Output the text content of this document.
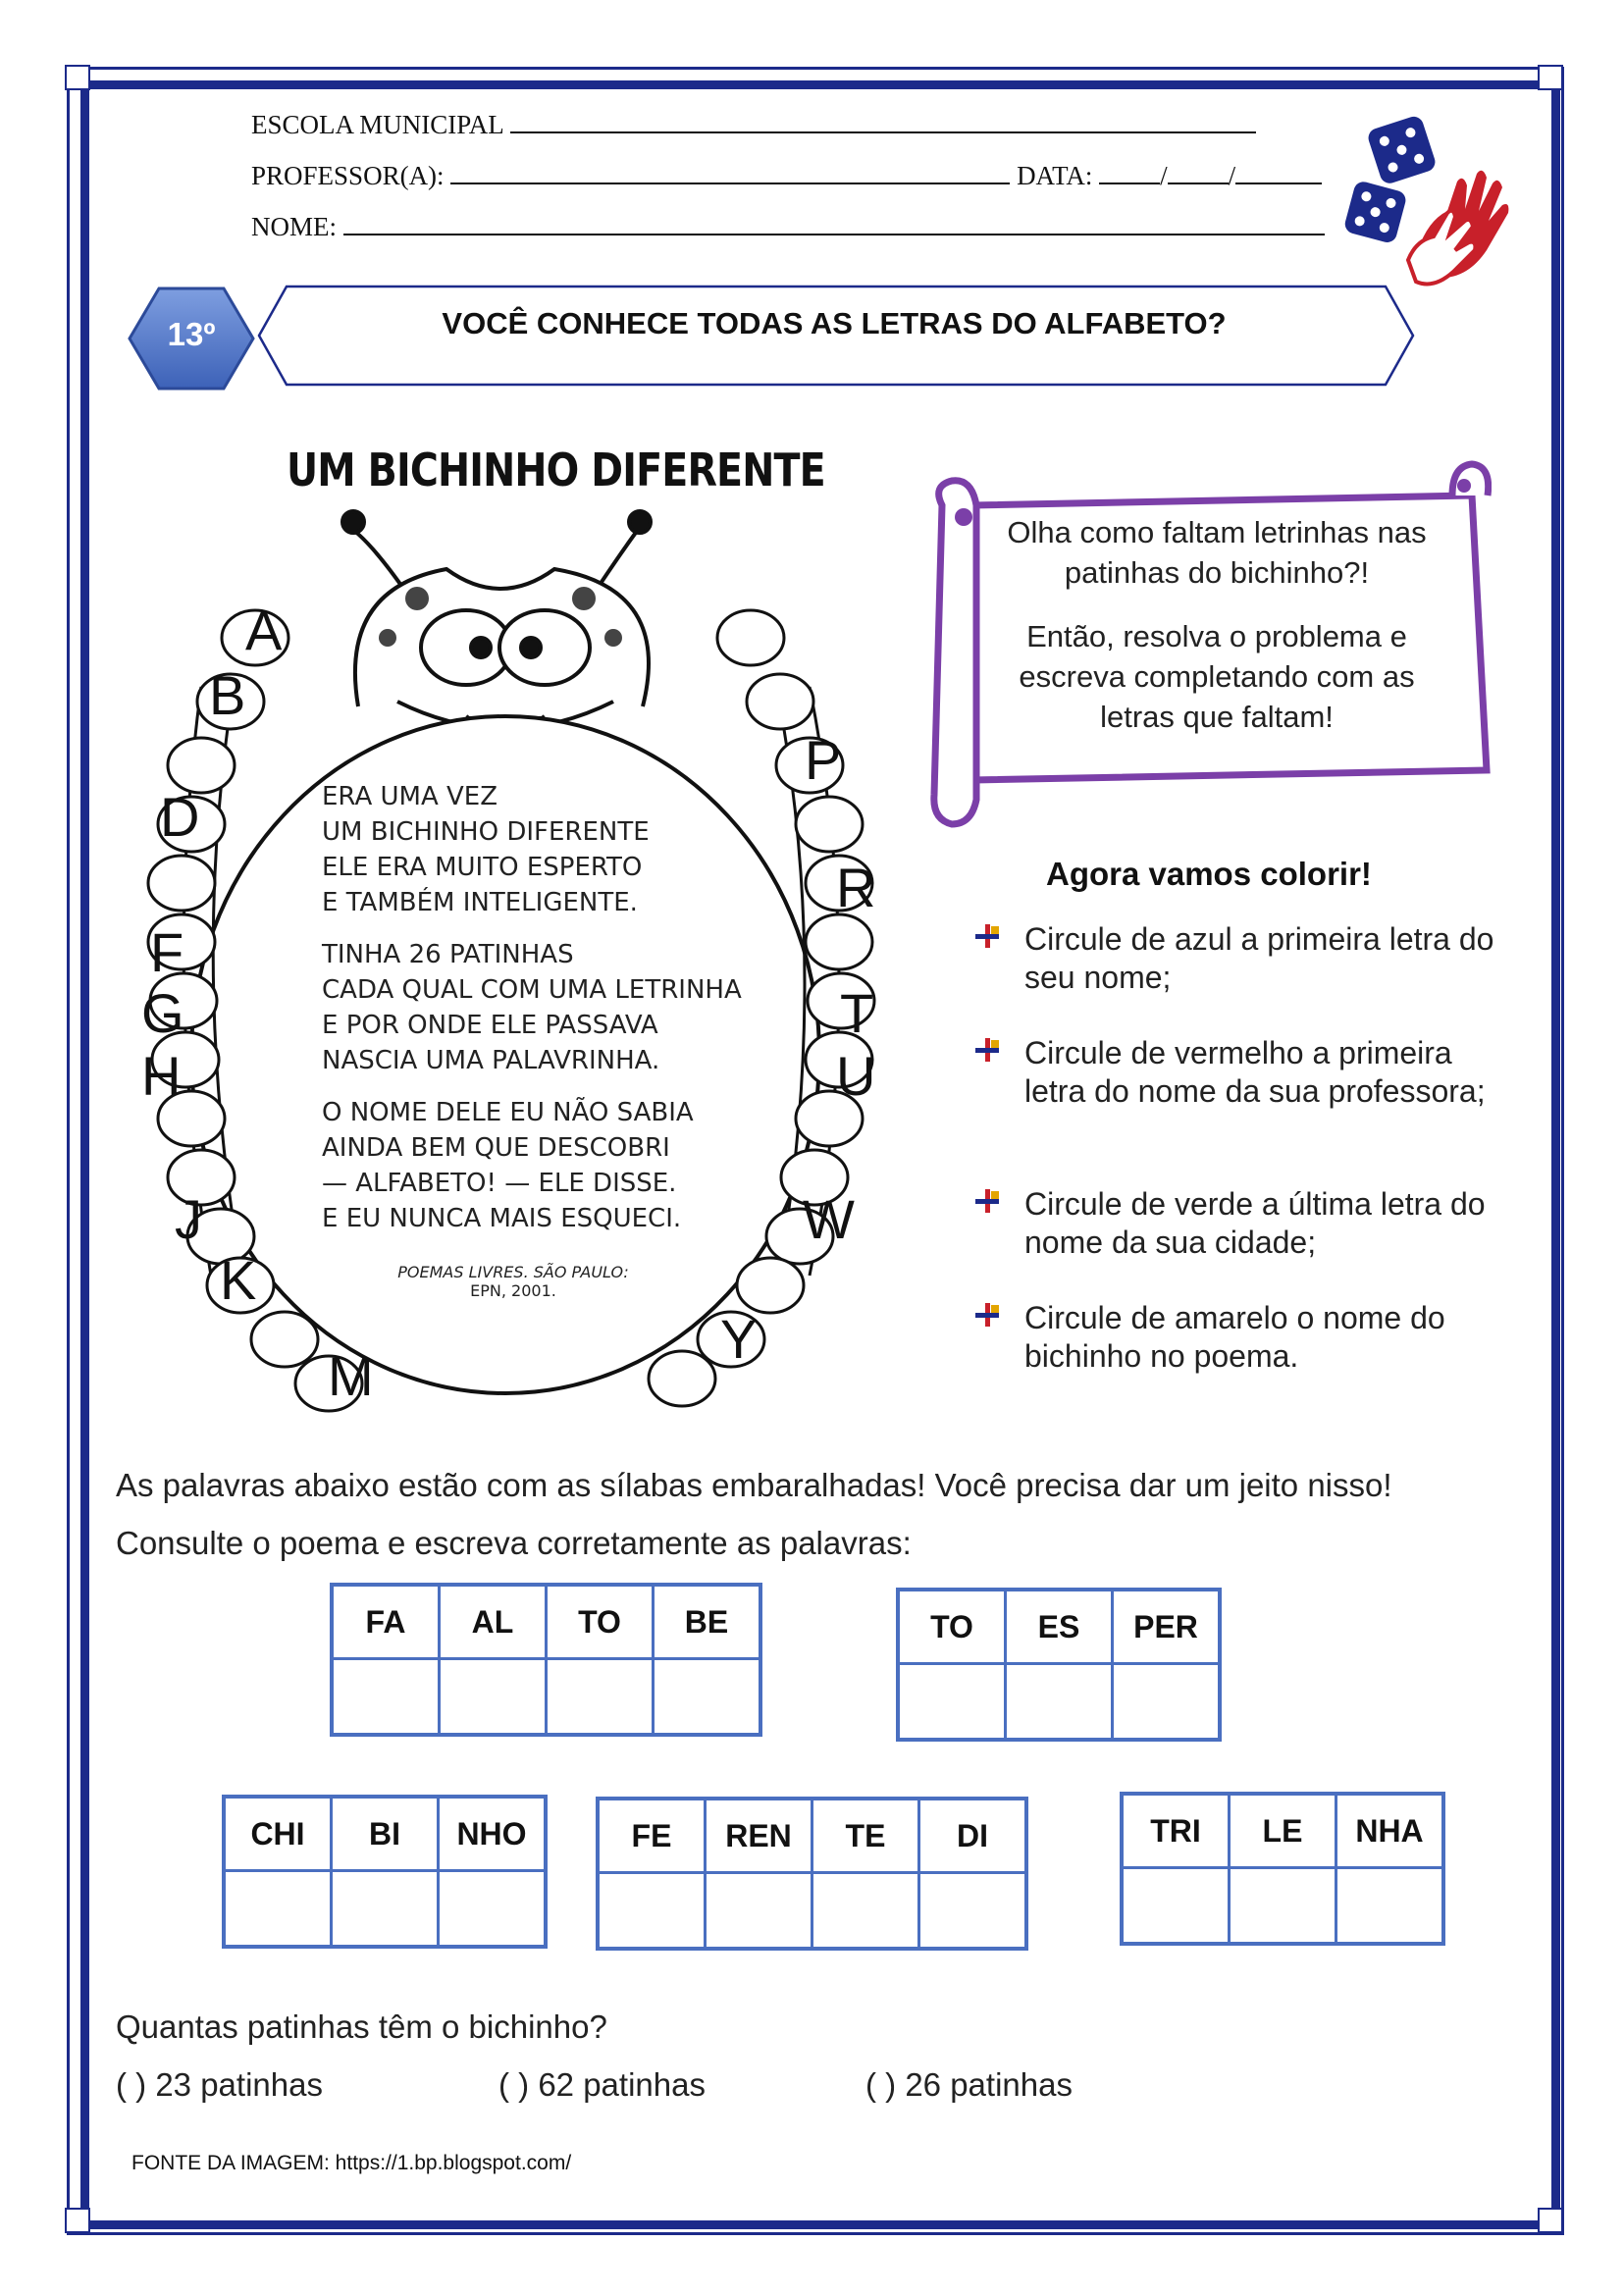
ESCOLA MUNICIPAL
PROFESSOR(A):	DATA:	/ /
NOME:
VOCÊ CONHECE TODAS AS LETRAS DO ALFABETO?
13º
UM BICHINHO DIFERENTE
ERA UMA VEZ
UM BICHINHO DIFERENTE
ELE ERA MUITO ESPERTO
E TAMBÉM INTELIGENTE.
TINHA 26 PATINHAS
CADA QUAL COM UMA LETRINHA
E POR ONDE ELE PASSAVA
NASCIA UMA PALAVRINHA.
O NOME DELE EU NÃO SABIA
AINDA BEM QUE DESCOBRI
— ALFABETO! — ELE DISSE.
E EU NUNCA MAIS ESQUECI.
POEMAS LIVRES. SÃO PAULO:
EPN, 2001.
A
B
D
F
G
H
J
K
M
P
R
T
U
W
Y
Olha como faltam letrinhas nas patinhas do bichinho?!
Então, resolva o problema e escreva completando com as letras que faltam!
Agora vamos colorir!
Circule de azul a primeira letra do seu nome;
Circule de vermelho a primeira letra do nome da sua professora;
Circule de verde a última letra do nome da sua cidade;
Circule de amarelo o nome do bichinho no poema.
As palavras abaixo estão com as sílabas embaralhadas! Você precisa dar um jeito nisso!
Consulte o poema e escreva corretamente as palavras:
FA	AL	TO	BE
				TO	ES	PER

CHI	BI	NHO
			FE	REN	TE	DI
				TRI	LE	NHA

Quantas patinhas têm o bichinho?
( ) 23 patinhas	( ) 62 patinhas	( ) 26 patinhas
FONTE DA IMAGEM: https://1.bp.blogspot.com/
